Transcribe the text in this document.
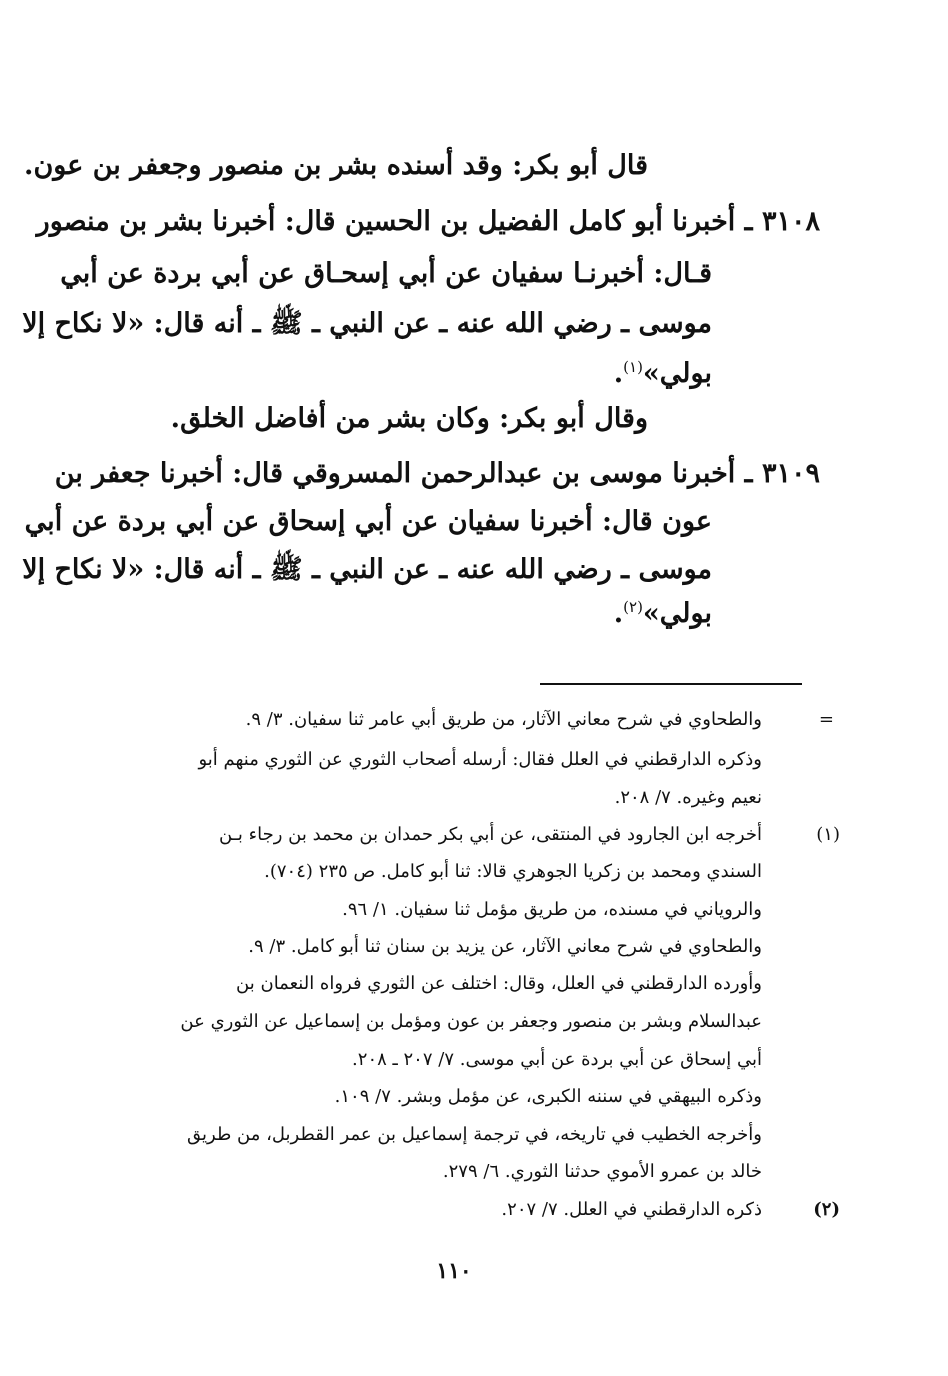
قال أبو بكر: وقد أسنده بشر بن منصور وجعفر بن عون.
٣١٠٨ ـ أخبرنا أبو كامل الفضيل بن الحسين قال: أخبرنا بشر بن منصور
قـال: أخبرنـا سفيان عن أبي إسحـاق عن أبي بردة عن أبي
موسى ـ رضي الله عنه ـ عن النبي ـ ﷺ ـ أنه قال: «لا نكاح إلا
بولي»$^{(١)}$.
وقال أبو بكر: وكان بشر من أفاضل الخلق.
٣١٠٩ ـ أخبرنا موسى بن عبدالرحمن المسروقي قال: أخبرنا جعفر بن
عون قال: أخبرنا سفيان عن أبي إسحاق عن أبي بردة عن أبي
موسى ـ رضي الله عنه ـ عن النبي ـ ﷺ ـ أنه قال: «لا نكاح إلا
بولي»$^{(٢)}$.
=
والطحاوي في شرح معاني الآثار، من طريق أبي عامر ثنا سفيان. ٣/ ٩.
وذكره الدارقطني في العلل فقال: أرسله أصحاب الثوري عن الثوري منهم أبو
نعيم وغيره. ٧/ ٢٠٨.
(١)
أخرجه ابن الجارود في المنتقى، عن أبي بكر حمدان بن محمد بن رجاء بـن
السندي ومحمد بن زكريا الجوهري قالا: ثنا أبو كامل. ص ٢٣٥ (٧٠٤).
والروياني في مسنده، من طريق مؤمل ثنا سفيان. ١/ ٩٦.
والطحاوي في شرح معاني الآثار، عن يزيد بن سنان ثنا أبو كامل. ٣/ ٩.
وأورده الدارقطني في العلل، وقال: اختلف عن الثوري فرواه النعمان بن
عبدالسلام وبشر بن منصور وجعفر بن عون ومؤمل بن إسماعيل عن الثوري عن
أبي إسحاق عن أبي بردة عن أبي موسى. ٧/ ٢٠٧ ـ ٢٠٨.
وذكره البيهقي في سننه الكبرى، عن مؤمل وبشر. ٧/ ١٠٩.
وأخرجه الخطيب في تاريخه، في ترجمة إسماعيل بن عمر القطربل، من طريق
خالد بن عمرو الأموي حدثنا الثوري. ٦/ ٢٧٩.
(٢)
ذكره الدارقطني في العلل. ٧/ ٢٠٧.
١١٠
